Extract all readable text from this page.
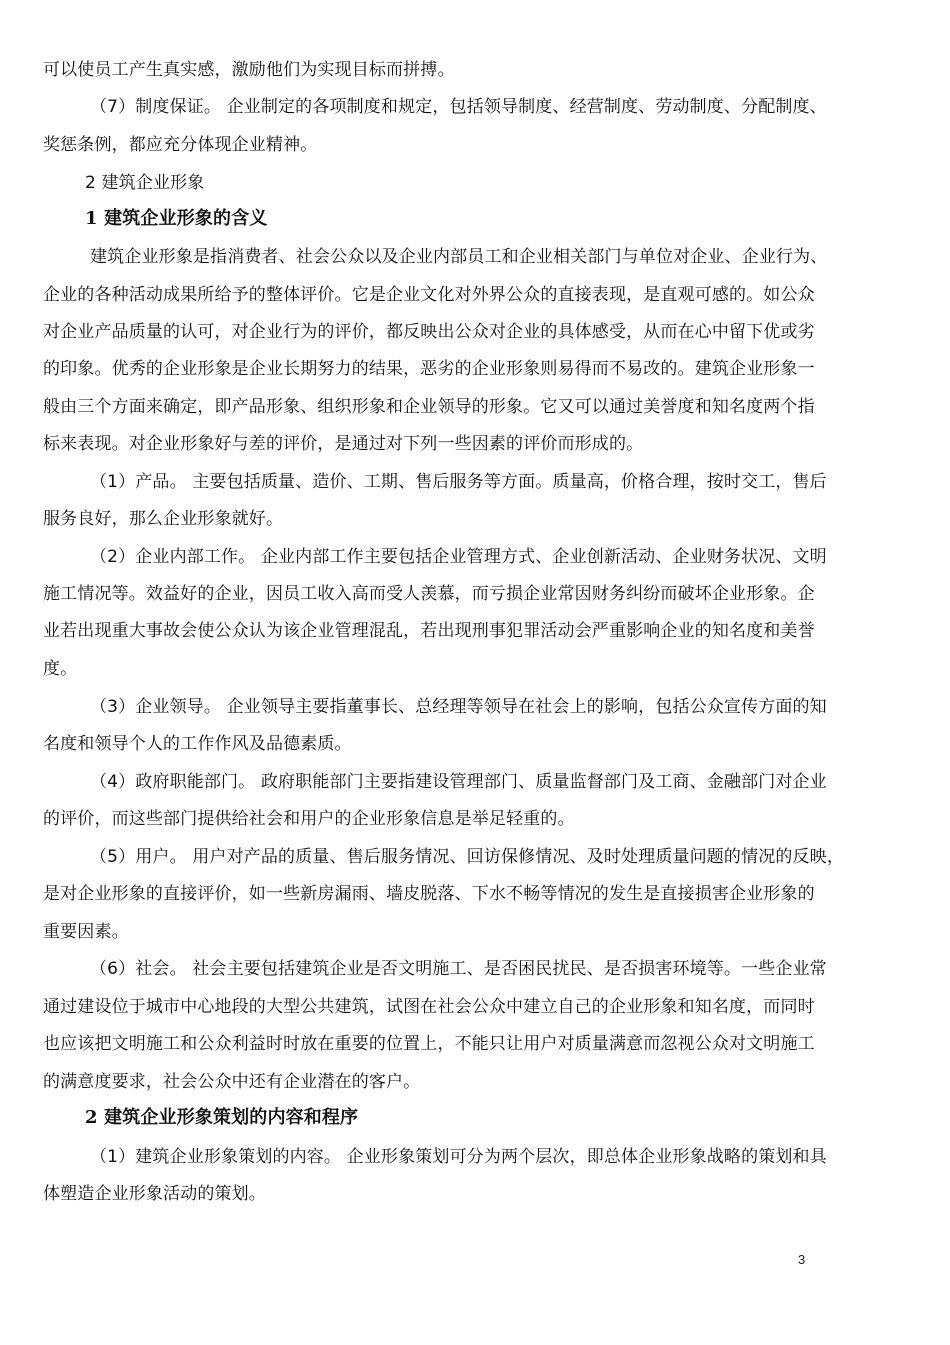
可以使员工产生真实感，激励他们为实现目标而拼搏。

（7）制度保证。 企业制定的各项制度和规定，包括领导制度、经营制度、劳动制度、分配制度、

奖惩条例，都应充分体现企业精神。

2 建筑企业形象

1 建筑企业形象的含义

建筑企业形象是指消费者、社会公众以及企业内部员工和企业相关部门与单位对企业、企业行为、

企业的各种活动成果所给予的整体评价。它是企业文化对外界公众的直接表现，是直观可感的。如公众

对企业产品质量的认可，对企业行为的评价，都反映出公众对企业的具体感受，从而在心中留下优或劣

的印象。优秀的企业形象是企业长期努力的结果，恶劣的企业形象则易得而不易改的。建筑企业形象一

般由三个方面来确定，即产品形象、组织形象和企业领导的形象。它又可以通过美誉度和知名度两个指

标来表现。对企业形象好与差的评价，是通过对下列一些因素的评价而形成的。

（1）产品。 主要包括质量、造价、工期、售后服务等方面。质量高，价格合理，按时交工，售后

服务良好，那么企业形象就好。

（2）企业内部工作。 企业内部工作主要包括企业管理方式、企业创新活动、企业财务状况、文明

施工情况等。效益好的企业，因员工收入高而受人羡慕，而亏损企业常因财务纠纷而破坏企业形象。企

业若出现重大事故会使公众认为该企业管理混乱，若出现刑事犯罪活动会严重影响企业的知名度和美誉

度。

（3）企业领导。 企业领导主要指董事长、总经理等领导在社会上的影响，包括公众宣传方面的知

名度和领导个人的工作作风及品德素质。

（4）政府职能部门。 政府职能部门主要指建设管理部门、质量监督部门及工商、金融部门对企业

的评价，而这些部门提供给社会和用户的企业形象信息是举足轻重的。

（5）用户。 用户对产品的质量、售后服务情况、回访保修情况、及时处理质量问题的情况的反映，

是对企业形象的直接评价，如一些新房漏雨、墙皮脱落、下水不畅等情况的发生是直接损害企业形象的

重要因素。

（6）社会。 社会主要包括建筑企业是否文明施工、是否困民扰民、是否损害环境等。一些企业常

通过建设位于城市中心地段的大型公共建筑，试图在社会公众中建立自己的企业形象和知名度，而同时

也应该把文明施工和公众利益时时放在重要的位置上，不能只让用户对质量满意而忽视公众对文明施工

的满意度要求，社会公众中还有企业潜在的客户。

2 建筑企业形象策划的内容和程序

（1）建筑企业形象策划的内容。 企业形象策划可分为两个层次，即总体企业形象战略的策划和具

体塑造企业形象活动的策划。

3
